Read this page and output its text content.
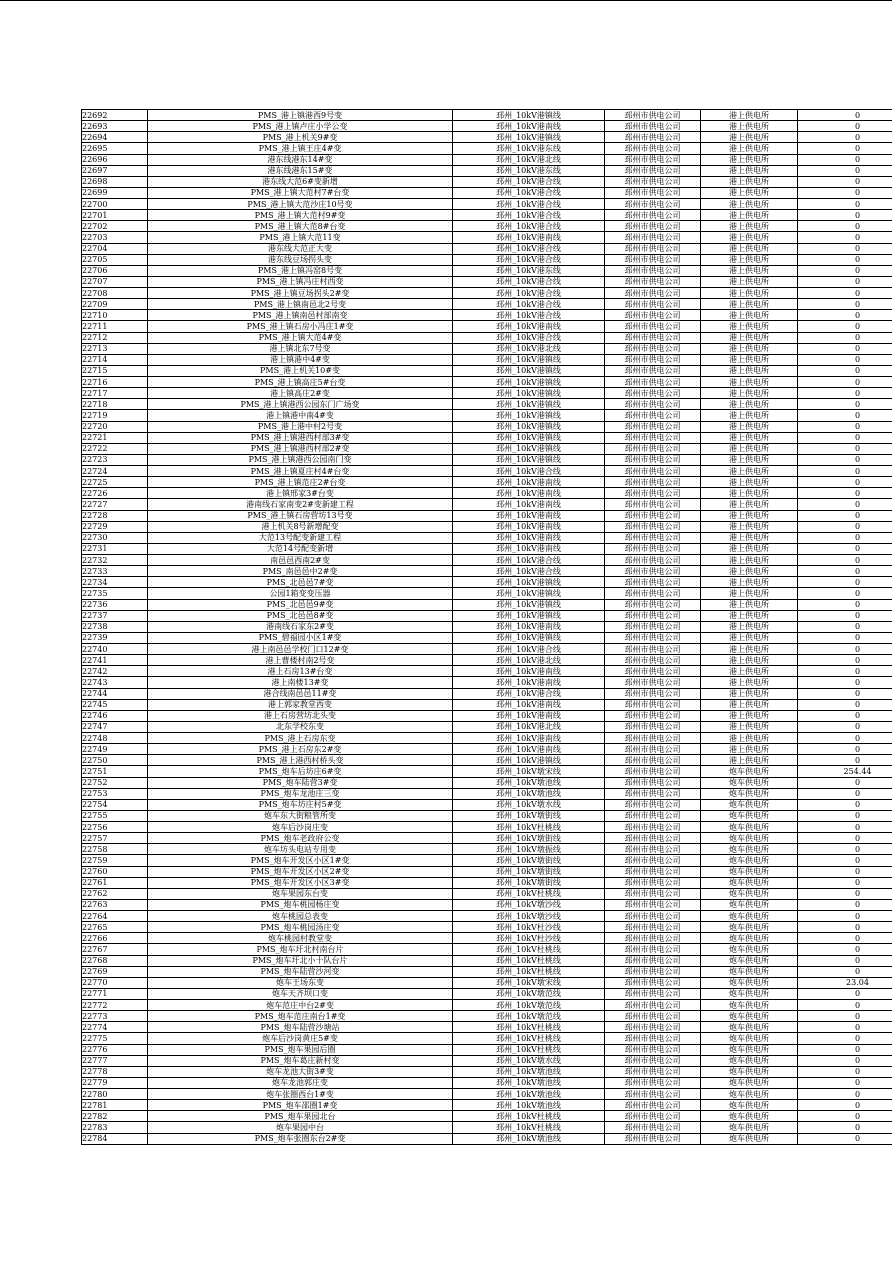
22692	PMS_港上镇港西9号变	邳州_10kV港镇线	邳州市供电公司	港上供电所	0
22693	PMS_港上镇卢庄小学公变	邳州_10kV港南线	邳州市供电公司	港上供电所	0
22694	PMS_港上机关9#变	邳州_10kV港镇线	邳州市供电公司	港上供电所	0
22695	PMS_港上镇王庄4#变	邳州_10kV港东线	邳州市供电公司	港上供电所	0
22696	港东线港东14#变	邳州_10kV港北线	邳州市供电公司	港上供电所	0
22697	港东线港东15#变	邳州_10kV港东线	邳州市供电公司	港上供电所	0
22698	港东线大范6#变新增	邳州_10kV港合线	邳州市供电公司	港上供电所	0
22699	PMS_港上镇大范村7#台变	邳州_10kV港合线	邳州市供电公司	港上供电所	0
22700	PMS_港上镇大范沙庄10号变	邳州_10kV港合线	邳州市供电公司	港上供电所	0
22701	PMS_港上镇大范村9#变	邳州_10kV港合线	邳州市供电公司	港上供电所	0
22702	PMS_港上镇大范8#台变	邳州_10kV港合线	邳州市供电公司	港上供电所	0
22703	PMS_港上镇大范11变	邳州_10kV港南线	邳州市供电公司	港上供电所	0
22704	港东线大范正大变	邳州_10kV港合线	邳州市供电公司	港上供电所	0
22705	港东线豆场拐头变	邳州_10kV港合线	邳州市供电公司	港上供电所	0
22706	PMS_港上镇冯窑8号变	邳州_10kV港东线	邳州市供电公司	港上供电所	0
22707	PMS_港上镇冯庄村西变	邳州_10kV港合线	邳州市供电公司	港上供电所	0
22708	PMS_港上镇豆场拐头2#变	邳州_10kV港合线	邳州市供电公司	港上供电所	0
22709	PMS_港上镇南邑北2号变	邳州_10kV港合线	邳州市供电公司	港上供电所	0
22710	PMS_港上镇南邑村部南变	邳州_10kV港合线	邳州市供电公司	港上供电所	0
22711	PMS_港上镇石房小冯庄1#变	邳州_10kV港南线	邳州市供电公司	港上供电所	0
22712	PMS_港上镇大范4#变	邳州_10kV港合线	邳州市供电公司	港上供电所	0
22713	港上镇北东7号变	邳州_10kV港北线	邳州市供电公司	港上供电所	0
22714	港上镇港中4#变	邳州_10kV港镇线	邳州市供电公司	港上供电所	0
22715	PMS_港上机关10#变	邳州_10kV港镇线	邳州市供电公司	港上供电所	0
22716	PMS_港上镇高庄5#台变	邳州_10kV港镇线	邳州市供电公司	港上供电所	0
22717	港上镇高庄2#变	邳州_10kV港镇线	邳州市供电公司	港上供电所	0
22718	PMS_港上镇港西公园东门广场变	邳州_10kV港镇线	邳州市供电公司	港上供电所	0
22719	港上镇港中南4#变	邳州_10kV港镇线	邳州市供电公司	港上供电所	0
22720	PMS_港上港中村2号变	邳州_10kV港镇线	邳州市供电公司	港上供电所	0
22721	PMS_港上镇港西村部3#变	邳州_10kV港镇线	邳州市供电公司	港上供电所	0
22722	PMS_港上镇港西村部2#变	邳州_10kV港镇线	邳州市供电公司	港上供电所	0
22723	PMS_港上镇港西公园南门变	邳州_10kV港镇线	邳州市供电公司	港上供电所	0
22724	PMS_港上镇夏庄村4#台变	邳州_10kV港合线	邳州市供电公司	港上供电所	0
22725	PMS_港上镇范庄2#台变	邳州_10kV港南线	邳州市供电公司	港上供电所	0
22726	港上镇邢家3#台变	邳州_10kV港南线	邳州市供电公司	港上供电所	0
22727	港南线石家南变2#变新建工程	邳州_10kV港南线	邳州市供电公司	港上供电所	0
22728	PMS_港上镇石房营坊13号变	邳州_10kV港南线	邳州市供电公司	港上供电所	0
22729	港上机关8号新增配变	邳州_10kV港南线	邳州市供电公司	港上供电所	0
22730	大范13号配变新建工程	邳州_10kV港南线	邳州市供电公司	港上供电所	0
22731	大范14号配变新增	邳州_10kV港南线	邳州市供电公司	港上供电所	0
22732	南邑邑西南2#变	邳州_10kV港合线	邳州市供电公司	港上供电所	0
22733	PMS_南邑邑中2#变	邳州_10kV港合线	邳州市供电公司	港上供电所	0
22734	PMS_北邑邑7#变	邳州_10kV港镇线	邳州市供电公司	港上供电所	0
22735	公园1箱变变压器	邳州_10kV港镇线	邳州市供电公司	港上供电所	0
22736	PMS_北邑邑9#变	邳州_10kV港镇线	邳州市供电公司	港上供电所	0
22737	PMS_北邑邑8#变	邳州_10kV港镇线	邳州市供电公司	港上供电所	0
22738	港南线石家东2#变	邳州_10kV港南线	邳州市供电公司	港上供电所	0
22739	PMS_碧福园小区1#变	邳州_10kV港镇线	邳州市供电公司	港上供电所	0
22740	港上南邑邑学校门口12#变	邳州_10kV港合线	邳州市供电公司	港上供电所	0
22741	港上曹楼村南2号变	邳州_10kV港北线	邳州市供电公司	港上供电所	0
22742	港上石房13#台变	邳州_10kV港南线	邳州市供电公司	港上供电所	0
22743	港上南楼13#变	邳州_10kV港南线	邳州市供电公司	港上供电所	0
22744	港合线南邑邑11#变	邳州_10kV港合线	邳州市供电公司	港上供电所	0
22745	港上郭家教堂西变	邳州_10kV港南线	邳州市供电公司	港上供电所	0
22746	港上石房营坊北头变	邳州_10kV港南线	邳州市供电公司	港上供电所	0
22747	北东学校东变	邳州_10kV港北线	邳州市供电公司	港上供电所	0
22748	PMS_港上石房东变	邳州_10kV港南线	邳州市供电公司	港上供电所	0
22749	PMS_港上石房东2#变	邳州_10kV港南线	邳州市供电公司	港上供电所	0
22750	PMS_港上港西村桥头变	邳州_10kV港镇线	邳州市供电公司	港上供电所	0
22751	PMS_炮车后坊庄6#变	邳州_10kV墩宋线	邳州市供电公司	炮车供电所	254.44
22752	PMS_炮车陆营3#变	邳州_10kV墩池线	邳州市供电公司	炮车供电所	0
22753	PMS_炮车龙池庄三变	邳州_10kV墩池线	邳州市供电公司	炮车供电所	0
22754	PMS_炮车坊庄村5#变	邳州_10kV墩水线	邳州市供电公司	炮车供电所	0
22755	炮车东大街粮管所变	邳州_10kV墩街线	邳州市供电公司	炮车供电所	0
22756	炮车后沙岗庄变	邳州_10kV杜桃线	邳州市供电公司	炮车供电所	0
22757	PMS_炮车老政府公变	邳州_10kV墩街线	邳州市供电公司	炮车供电所	0
22758	炮车坊头电站专用变	邳州_10kV墩振线	邳州市供电公司	炮车供电所	0
22759	PMS_炮车开发区小区1#变	邳州_10kV墩街线	邳州市供电公司	炮车供电所	0
22760	PMS_炮车开发区小区2#变	邳州_10kV墩街线	邳州市供电公司	炮车供电所	0
22761	PMS_炮车开发区小区3#变	邳州_10kV墩街线	邳州市供电公司	炮车供电所	0
22762	炮车果园东台变	邳州_10kV杜桃线	邳州市供电公司	炮车供电所	0
22763	PMS_炮车桃园杨庄变	邳州_10kV墩沙线	邳州市供电公司	炮车供电所	0
22764	炮车桃园总表变	邳州_10kV墩沙线	邳州市供电公司	炮车供电所	0
22765	PMS_炮车桃园汤庄变	邳州_10kV杜沙线	邳州市供电公司	炮车供电所	0
22766	炮车桃园村教堂变	邳州_10kV杜沙线	邳州市供电公司	炮车供电所	0
22767	PMS_炮车圩北村南台片	邳州_10kV杜桃线	邳州市供电公司	炮车供电所	0
22768	PMS_炮车圩北小十队台片	邳州_10kV杜桃线	邳州市供电公司	炮车供电所	0
22769	PMS_炮车陆营沙河变	邳州_10kV杜桃线	邳州市供电公司	炮车供电所	0
22770	炮车王场东变	邳州_10kV墩宋线	邳州市供电公司	炮车供电所	23.04
22771	炮车天齐坝口变	邳州_10kV墩范线	邳州市供电公司	炮车供电所	0
22772	炮车范庄中台2#变	邳州_10kV墩范线	邳州市供电公司	炮车供电所	0
22773	PMS_炮车范庄南台1#变	邳州_10kV墩范线	邳州市供电公司	炮车供电所	0
22774	PMS_炮车陆营沙塘站	邳州_10kV杜桃线	邳州市供电公司	炮车供电所	0
22775	炮车后沙岗黄庄5#变	邳州_10kV杜桃线	邳州市供电公司	炮车供电所	0
22776	PMS_炮车果园后圈	邳州_10kV杜桃线	邳州市供电公司	炮车供电所	0
22777	PMS_炮车葛庄新村变	邳州_10kV墩水线	邳州市供电公司	炮车供电所	0
22778	炮车龙池大街3#变	邳州_10kV墩池线	邳州市供电公司	炮车供电所	0
22779	炮车龙池郭庄变	邳州_10kV墩池线	邳州市供电公司	炮车供电所	0
22780	炮车张圈西台1#变	邳州_10kV墩池线	邳州市供电公司	炮车供电所	0
22781	PMS_炮车邵圈1#变	邳州_10kV墩池线	邳州市供电公司	炮车供电所	0
22782	PMS_炮车果园北台	邳州_10kV杜桃线	邳州市供电公司	炮车供电所	0
22783	炮车果园中台	邳州_10kV杜桃线	邳州市供电公司	炮车供电所	0
22784	PMS_炮车张圈东台2#变	邳州_10kV墩池线	邳州市供电公司	炮车供电所	0
